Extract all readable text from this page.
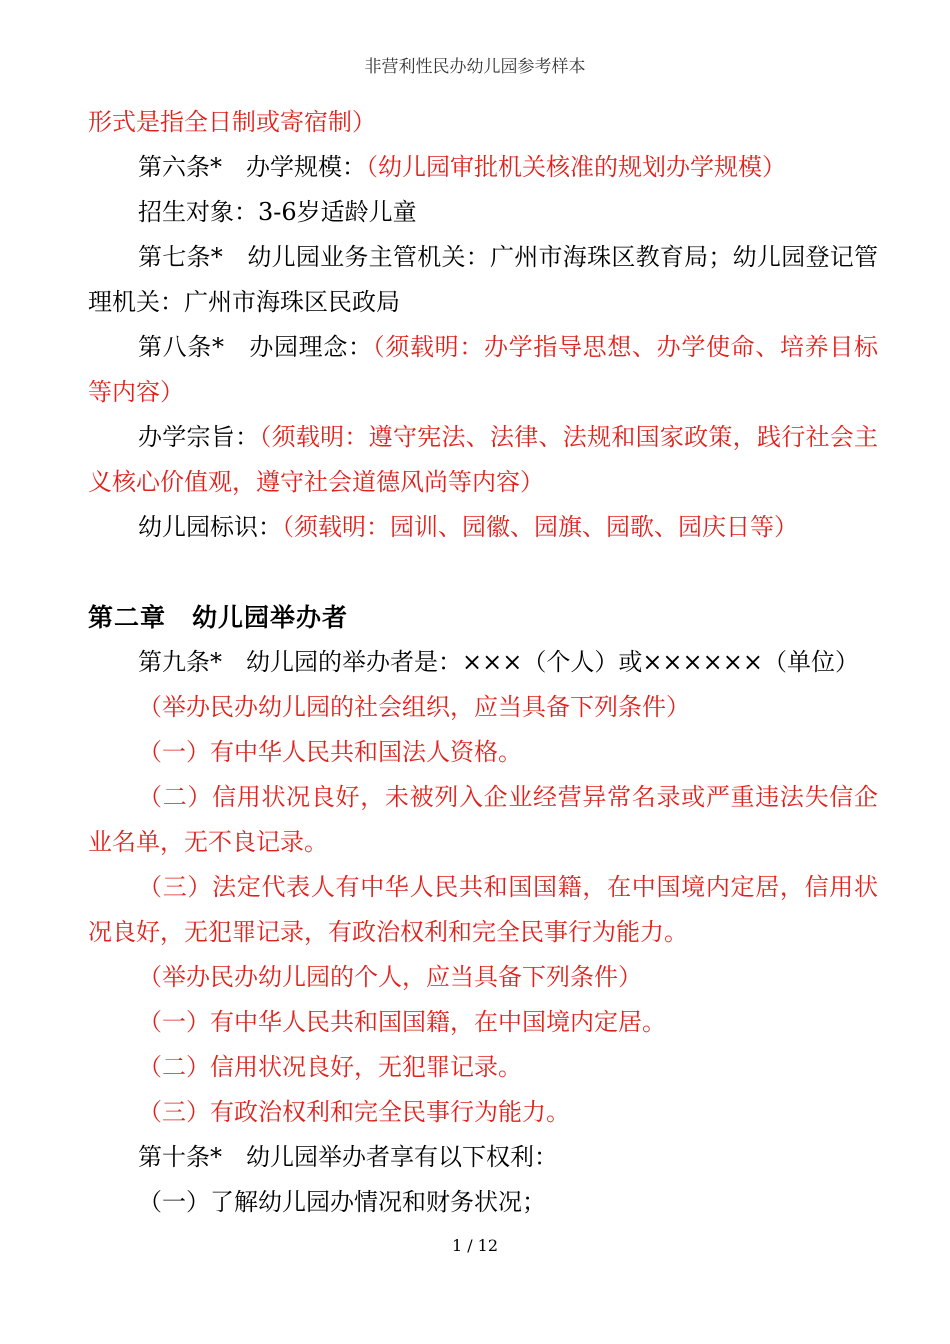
非营利性民办幼儿园参考样本

形式是指全日制或寄宿制）

第六条*　办学规模：（幼儿园审批机关核准的规划办学规模）

招生对象：3-6岁适龄儿童

第七条*　幼儿园业务主管机关：广州市海珠区教育局；幼儿园登记管理机关：广州市海珠区民政局

第八条*　办园理念：（须载明：办学指导思想、办学使命、培养目标等内容）

办学宗旨：（须载明：遵守宪法、法律、法规和国家政策，践行社会主义核心价值观，遵守社会道德风尚等内容）

幼儿园标识：（须载明：园训、园徽、园旗、园歌、园庆日等）

第二章　幼儿园举办者

第九条*　幼儿园的举办者是：×××（个人）或××××××（单位）

（举办民办幼儿园的社会组织，应当具备下列条件）

（一）有中华人民共和国法人资格。

（二）信用状况良好，未被列入企业经营异常名录或严重违法失信企业名单，无不良记录。

（三）法定代表人有中华人民共和国国籍，在中国境内定居，信用状况良好，无犯罪记录，有政治权利和完全民事行为能力。

（举办民办幼儿园的个人，应当具备下列条件）

（一）有中华人民共和国国籍，在中国境内定居。

（二）信用状况良好，无犯罪记录。

（三）有政治权利和完全民事行为能力。

第十条*　幼儿园举办者享有以下权利：

（一）了解幼儿园办情况和财务状况；

1 / 12
